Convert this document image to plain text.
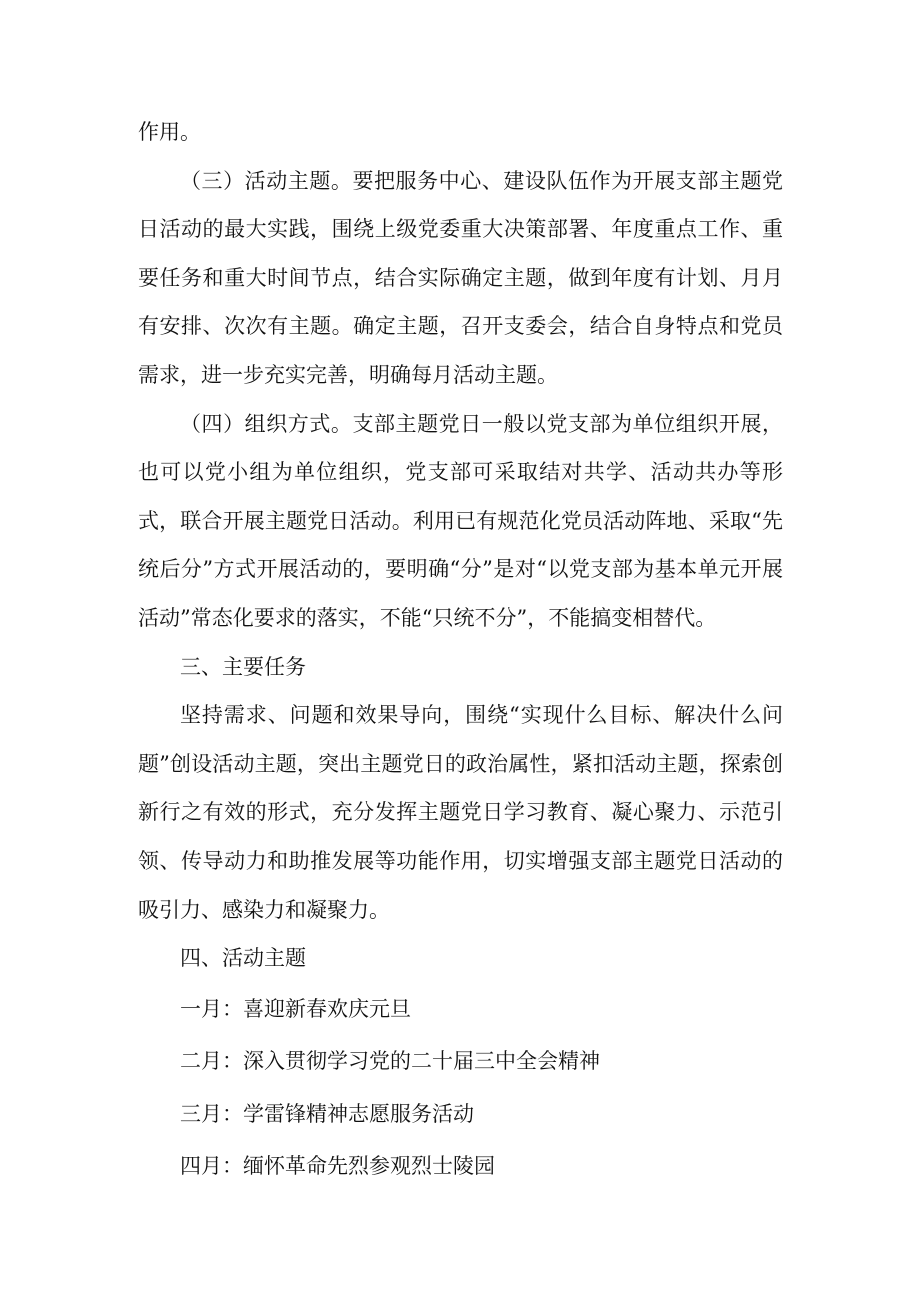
作用。

（三）活动主题。要把服务中心、建设队伍作为开展支部主题党日活动的最大实践，围绕上级党委重大决策部署、年度重点工作、重要任务和重大时间节点，结合实际确定主题，做到年度有计划、月月有安排、次次有主题。确定主题，召开支委会，结合自身特点和党员需求，进一步充实完善，明确每月活动主题。

（四）组织方式。支部主题党日一般以党支部为单位组织开展，也可以党小组为单位组织，党支部可采取结对共学、活动共办等形式，联合开展主题党日活动。利用已有规范化党员活动阵地、采取“先统后分”方式开展活动的，要明确“分”是对“以党支部为基本单元开展活动”常态化要求的落实，不能“只统不分”，不能搞变相替代。

三、主要任务

坚持需求、问题和效果导向，围绕“实现什么目标、解决什么问题”创设活动主题，突出主题党日的政治属性，紧扣活动主题，探索创新行之有效的形式，充分发挥主题党日学习教育、凝心聚力、示范引领、传导动力和助推发展等功能作用，切实增强支部主题党日活动的吸引力、感染力和凝聚力。

四、活动主题

一月：喜迎新春欢庆元旦
二月：深入贯彻学习党的二十届三中全会精神
三月：学雷锋精神志愿服务活动
四月：缅怀革命先烈参观烈士陵园
